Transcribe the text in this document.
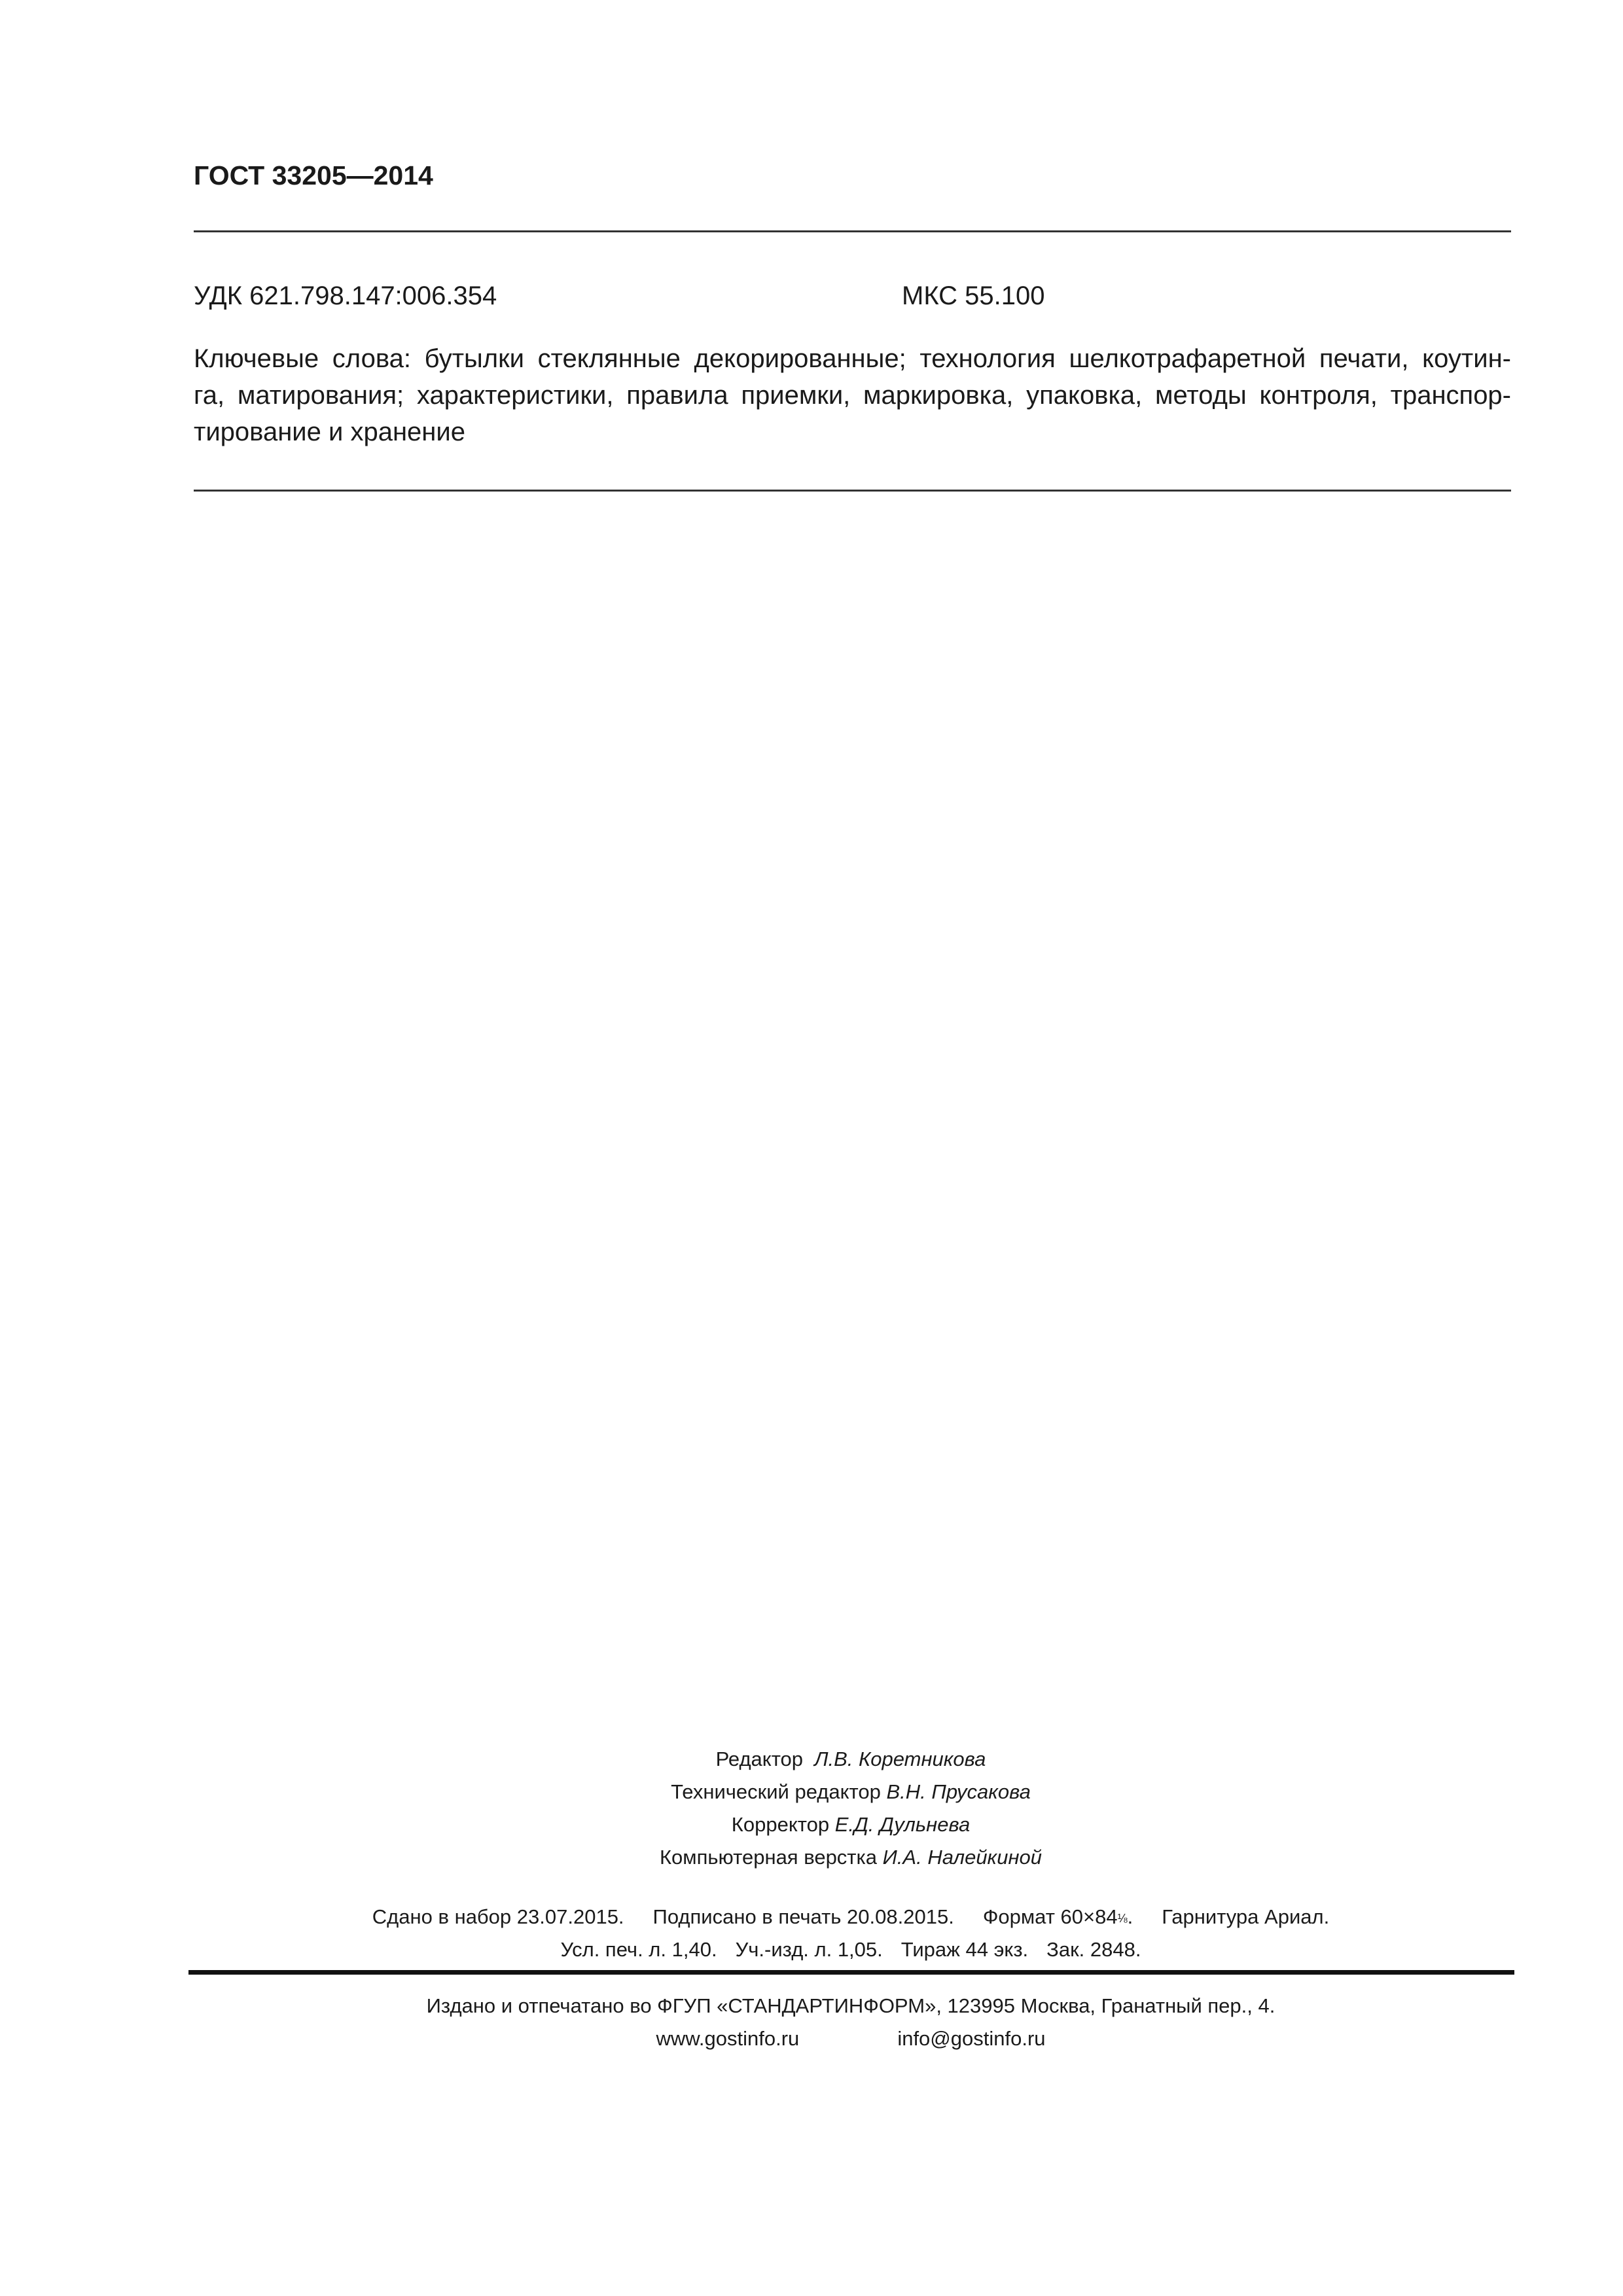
ГОСТ 33205—2014
УДК 621.798.147:006.354	МКС 55.100
Ключевые слова: бутылки стеклянные декорированные; технология шелкотрафаретной печати, коутин-
га, матирования; характеристики, правила приемки, маркировка, упаковка, методы контроля, транспор-
тирование и хранение
Редактор Л.В. Коретникова
Технический редактор В.Н. Прусакова
Корректор Е.Д. Дульнева
Компьютерная верстка И.А. Налейкиной
Сдано в набор 23.07.2015. Подписано в печать 20.08.2015. Формат 60×84⅛. Гарнитура Ариал.
Усл. печ. л. 1,40. Уч.-изд. л. 1,05. Тираж 44 экз. Зак. 2848.
Издано и отпечатано во ФГУП «СТАНДАРТИНФОРМ», 123995 Москва, Гранатный пер., 4.
www.gostinfo.ru	info@gostinfo.ru
